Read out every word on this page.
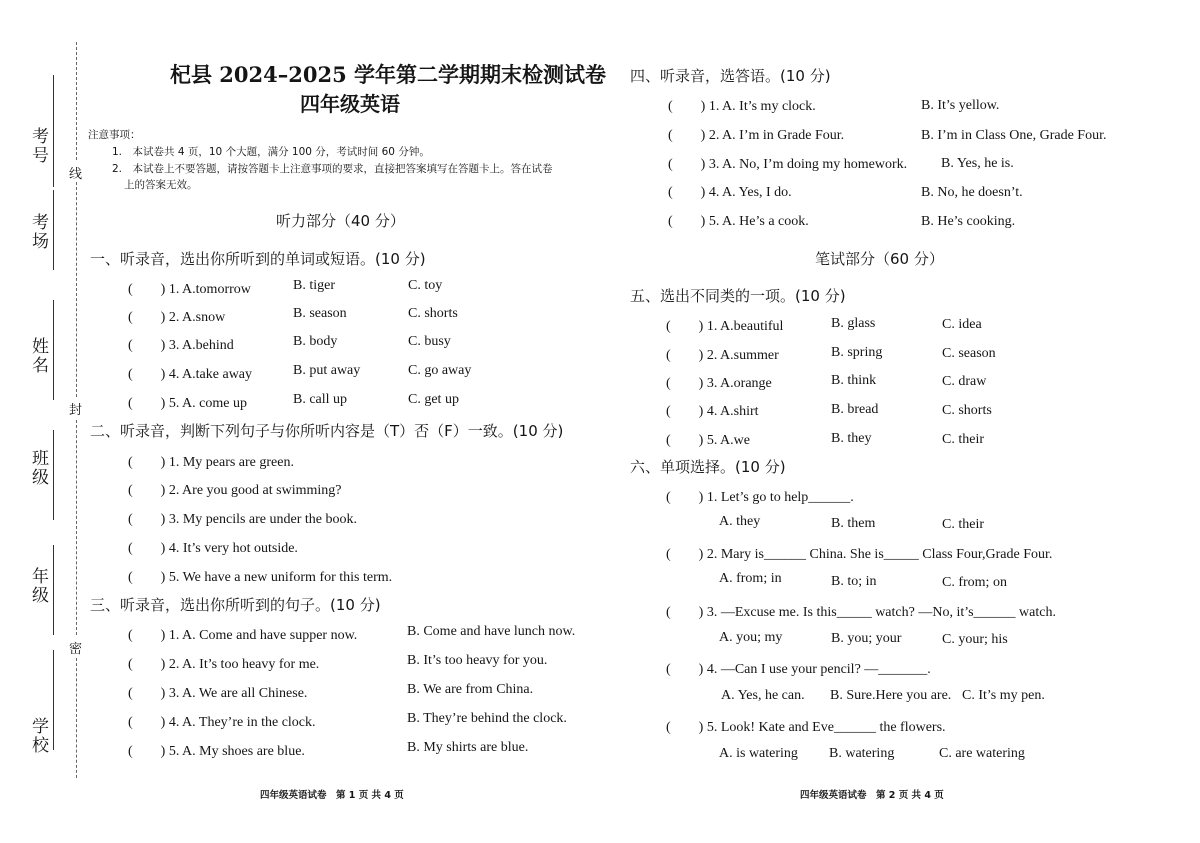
考号
考场
姓名
班级
年级
学校
线
封
密
杞县 2024–2025 学年第二学期期末检测试卷
四年级英语
注意事项：
1.　本试卷共 4 页，10 个大题，满分 100 分，考试时间 60 分钟。
2.　本试卷上不要答题，请按答题卡上注意事项的要求，直接把答案填写在答题卡上。答在试卷
上的答案无效。
听力部分（40 分）
一、听录音，选出你所听到的单词或短语。(10 分)
(　　) 1. A.tomorrow	B. tiger	C. toy
(　　) 2. A.snow	B. season	C. shorts
(　　) 3. A.behind	B. body	C. busy
(　　) 4. A.take away	B. put away	C. go away
(　　) 5. A. come up	B. call up	C. get up
二、听录音，判断下列句子与你所听内容是（T）否（F）一致。(10 分)
(　　) 1. My pears are green.
(　　) 2. Are you good at swimming?
(　　) 3. My pencils are under the book.
(　　) 4. It’s very hot outside.
(　　) 5. We have a new uniform for this term.
三、听录音，选出你所听到的句子。(10 分)
(　　) 1. A. Come and have supper now.	B. Come and have lunch now.
(　　) 2. A. It’s too heavy for me.	B. It’s too heavy for you.
(　　) 3. A. We are all Chinese.	B. We are from China.
(　　) 4. A. They’re in the clock.	B. They’re behind the clock.
(　　) 5. A. My shoes are blue.	B. My shirts are blue.
四年级英语试卷　第 1 页 共 4 页
四、听录音，选答语。(10 分)
(　　) 1. A. It’s my clock.	B. It’s yellow.
(　　) 2. A. I’m in Grade Four.	B. I’m in Class One, Grade Four.
(　　) 3. A. No, I’m doing my homework. B. Yes, he is.
(　　) 4. A. Yes, I do.	B. No, he doesn’t.
(　　) 5. A. He’s a cook.	B. He’s cooking.
笔试部分（60 分）
五、选出不同类的一项。(10 分)
(　　) 1. A.beautiful	B. glass	C. idea
(　　) 2. A.summer	B. spring	C. season
(　　) 3. A.orange	B. think	C. draw
(　　) 4. A.shirt	B. bread	C. shorts
(　　) 5. A.we	B. they	C. their
六、单项选择。(10 分)
(　　) 1. Let’s go to help______.
A. they	B. them	C. their
(　　) 2. Mary is______ China. She is_____ Class Four,Grade Four.
A. from; in	B. to; in	C. from; on
(　　) 3. —Excuse me. Is this_____ watch? —No, it’s______ watch.
A. you; my	B. you; your	C. your; his
(　　) 4. —Can I use your pencil? —_______.
A. Yes, he can. B. Sure.Here you are. C. It’s my pen.
(　　) 5. Look! Kate and Eve______ the flowers.
A. is watering B. watering	C. are watering
四年级英语试卷　第 2 页 共 4 页
